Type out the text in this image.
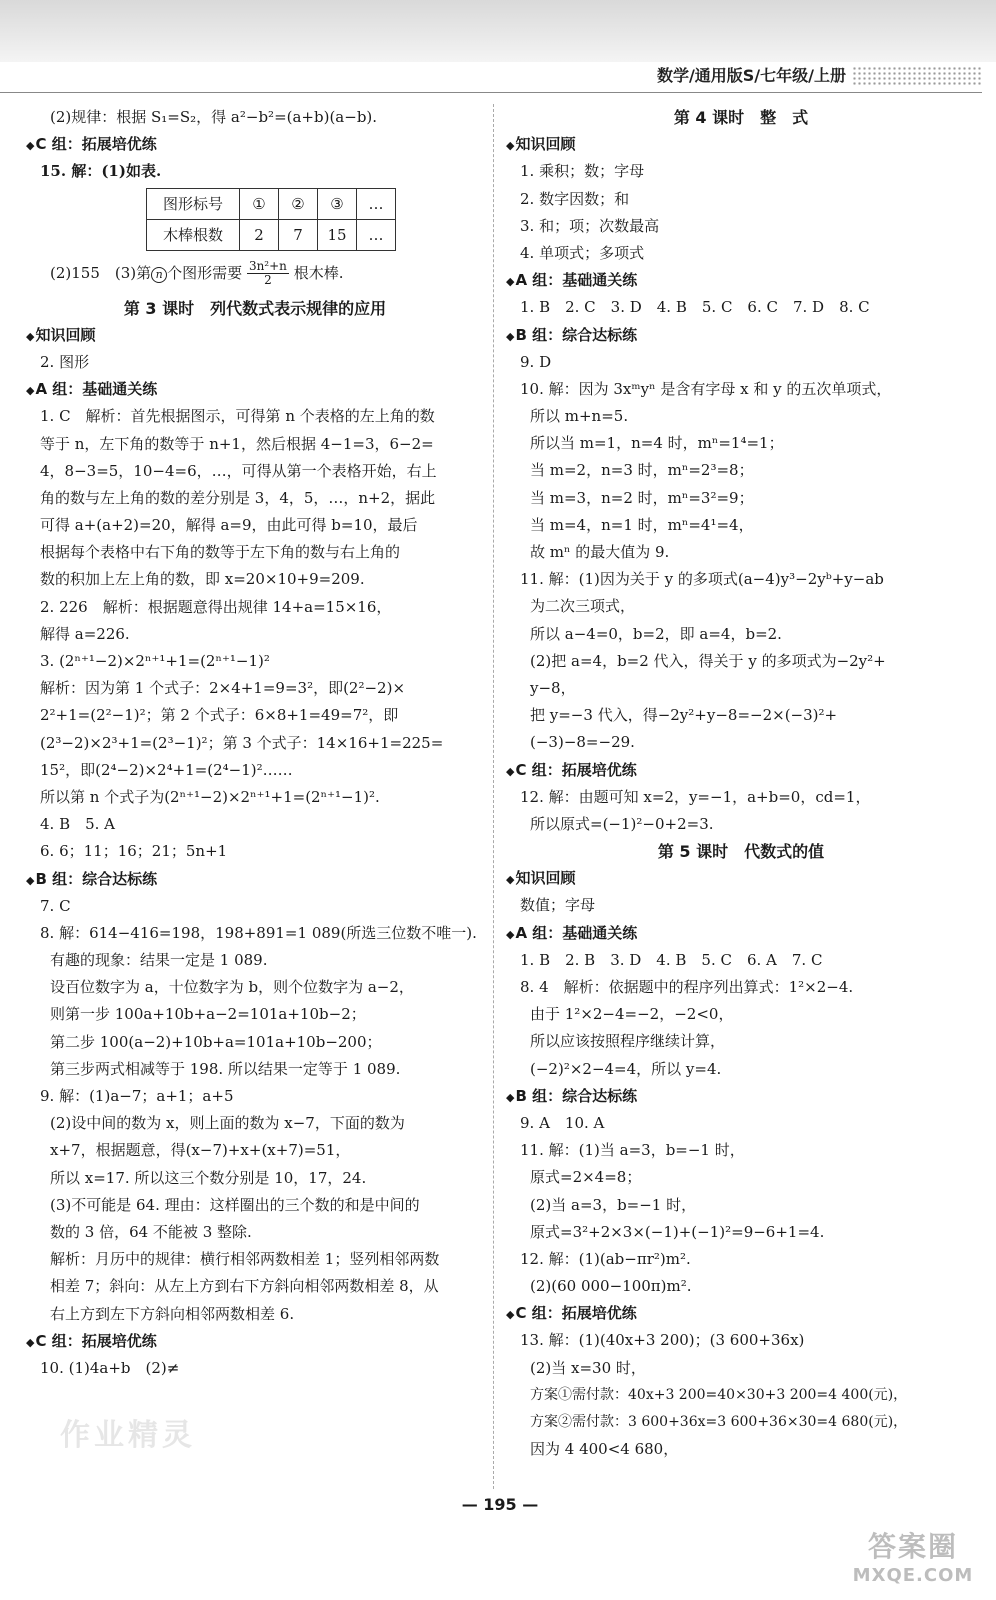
数学/通用版S/七年级/上册
(2)规律：根据 S₁=S₂，得 a²−b²=(a+b)(a−b).
◆ C 组：拓展培优练
15. 解：(1)如表.
图形标号	①	②	③	…
木棒根数	2	7	15	…
(2)155　(3)第 n 个图形需要 $\frac{\text{3n²+n}}{2}$ 根木棒.
第 3 课时　列代数式表示规律的应用
◆ 知识回顾
2. 图形
◆ A 组：基础通关练
1. C　解析：首先根据图示，可得第 n 个表格的左上角的数
等于 n，左下角的数等于 n+1，然后根据 4−1=3，6−2=
4，8−3=5，10−4=6，…，可得从第一个表格开始，右上
角的数与左上角的数的差分别是 3，4，5，…，n+2，据此
可得 a+(a+2)=20，解得 a=9，由此可得 b=10，最后
根据每个表格中右下角的数等于左下角的数与右上角的
数的积加上左上角的数，即 x=20×10+9=209.
2. 226　解析：根据题意得出规律 14+a=15×16，
解得 a=226.
3. (2ⁿ⁺¹−2)×2ⁿ⁺¹+1=(2ⁿ⁺¹−1)²
解析：因为第 1 个式子：2×4+1=9=3²，即(2²−2)×
2²+1=(2²−1)²；第 2 个式子：6×8+1=49=7²，即
(2³−2)×2³+1=(2³−1)²；第 3 个式子：14×16+1=225=
15²，即(2⁴−2)×2⁴+1=(2⁴−1)²……
所以第 n 个式子为(2ⁿ⁺¹−2)×2ⁿ⁺¹+1=(2ⁿ⁺¹−1)².
4. B　5. A
6. 6；11；16；21；5n+1
◆ B 组：综合达标练
7. C
8. 解：614−416=198，198+891=1 089(所选三位数不唯一).
有趣的现象：结果一定是 1 089.
设百位数字为 a，十位数字为 b，则个位数字为 a−2，
则第一步 100a+10b+a−2=101a+10b−2；
第二步 100(a−2)+10b+a=101a+10b−200；
第三步两式相减等于 198. 所以结果一定等于 1 089.
9. 解：(1)a−7；a+1；a+5
(2)设中间的数为 x，则上面的数为 x−7，下面的数为
x+7，根据题意，得(x−7)+x+(x+7)=51，
所以 x=17. 所以这三个数分别是 10，17，24.
(3)不可能是 64. 理由：这样圈出的三个数的和是中间的
数的 3 倍，64 不能被 3 整除.
解析：月历中的规律：横行相邻两数相差 1；竖列相邻两数
相差 7；斜向：从左上方到右下方斜向相邻两数相差 8，从
右上方到左下方斜向相邻两数相差 6.
◆ C 组：拓展培优练
10. (1)4a+b　(2)≠
第 4 课时　整　式
◆ 知识回顾
1. 乘积；数；字母
2. 数字因数；和
3. 和；项；次数最高
4. 单项式；多项式
◆ A 组：基础通关练
1. B　2. C　3. D　4. B　5. C　6. C　7. D　8. C
◆ B 组：综合达标练
9. D
10. 解：因为 3xᵐyⁿ 是含有字母 x 和 y 的五次单项式，
所以 m+n=5.
所以当 m=1，n=4 时，mⁿ=1⁴=1；
当 m=2，n=3 时，mⁿ=2³=8；
当 m=3，n=2 时，mⁿ=3²=9；
当 m=4，n=1 时，mⁿ=4¹=4，
故 mⁿ 的最大值为 9.
11. 解：(1)因为关于 y 的多项式(a−4)y³−2yᵇ+y−ab
为二次三项式，
所以 a−4=0，b=2，即 a=4，b=2.
(2)把 a=4，b=2 代入，得关于 y 的多项式为−2y²+
y−8，
把 y=−3 代入，得−2y²+y−8=−2×(−3)²+
(−3)−8=−29.
◆ C 组：拓展培优练
12. 解：由题可知 x=2，y=−1，a+b=0，cd=1，
所以原式=(−1)²−0+2=3.
第 5 课时　代数式的值
◆ 知识回顾
数值；字母
◆ A 组：基础通关练
1. B　2. B　3. D　4. B　5. C　6. A　7. C
8. 4　解析：依据题中的程序列出算式：1²×2−4.
由于 1²×2−4=−2，−2<0，
所以应该按照程序继续计算，
(−2)²×2−4=4，所以 y=4.
◆ B 组：综合达标练
9. A　10. A
11. 解：(1)当 a=3，b=−1 时，
原式=2×4=8；
(2)当 a=3，b=−1 时，
原式=3²+2×3×(−1)+(−1)²=9−6+1=4.
12. 解：(1)(ab−πr²)m².
(2)(60 000−100π)m².
◆ C 组：拓展培优练
13. 解：(1)(40x+3 200)；(3 600+36x)
(2)当 x=30 时，
方案①需付款：40x+3 200=40×30+3 200=4 400(元)，
方案②需付款：3 600+36x=3 600+36×30=4 680(元)，
因为 4 400<4 680，
— 195 —
作业精灵
答案圈
MXQE.COM
